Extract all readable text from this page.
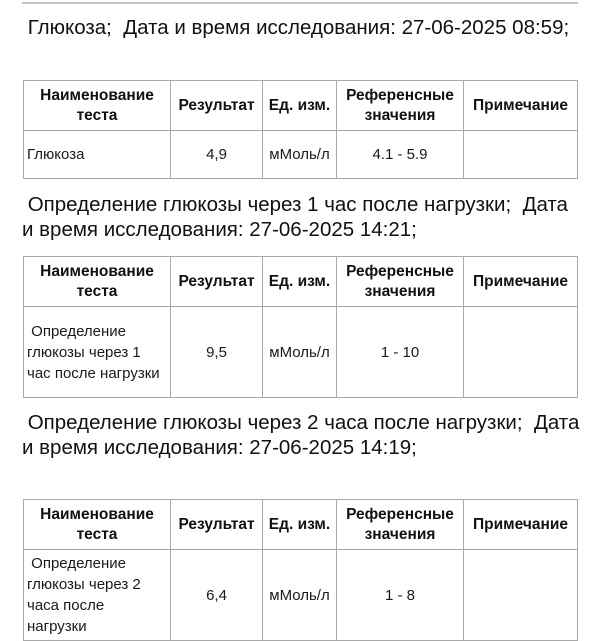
Глюкоза;  Дата и время исследования: 27-06-2025 08:59;
Наименование теста	Результат	Ед. изм.	Референсные значения	Примечание
Глюкоза	4,9	мМоль/л	4.1 - 5.9	
Определение глюкозы через 1 час после нагрузки;  Дата и время исследования: 27-06-2025 14:21;
Наименование теста	Результат	Ед. изм.	Референсные значения	Примечание
Определение глюкозы через 1 час после нагрузки	9,5	мМоль/л	1 - 10	
Определение глюкозы через 2 часа после нагрузки;  Дата и время исследования: 27-06-2025 14:19;
Наименование теста	Результат	Ед. изм.	Референсные значения	Примечание
Определение глюкозы через 2 часа после нагрузки	6,4	мМоль/л	1 - 8	
